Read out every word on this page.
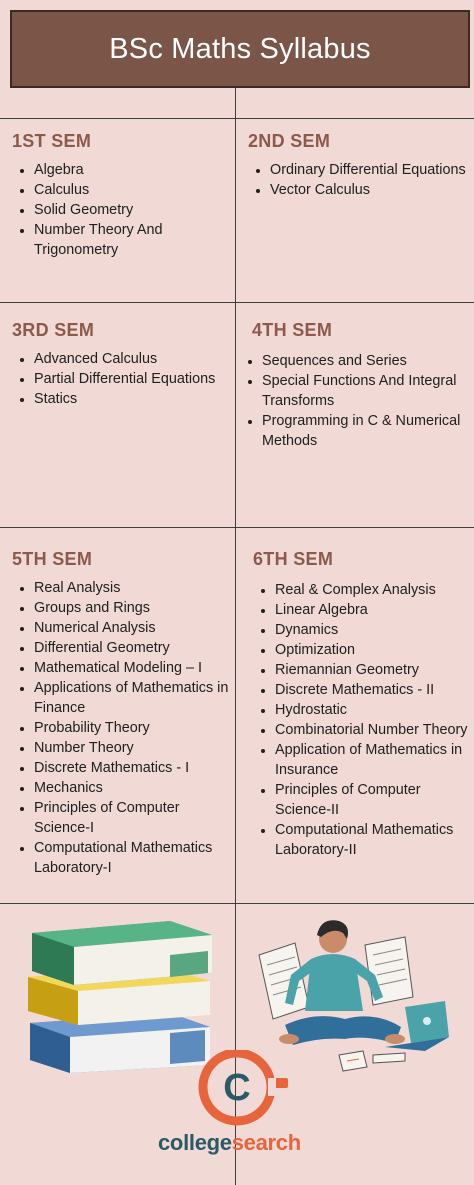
BSc Maths Syllabus
1ST SEM
• Algebra
• Calculus
• Solid Geometry
• Number Theory And Trigonometry
2ND SEM
• Ordinary Differential Equations
• Vector Calculus
3RD SEM
• Advanced Calculus
• Partial Differential Equations
• Statics
4TH SEM
• Sequences and Series
• Special Functions And Integral Transforms
• Programming in C & Numerical Methods
5TH SEM
• Real Analysis
• Groups and Rings
• Numerical Analysis
• Differential Geometry
• Mathematical Modeling – I
• Applications of Mathematics in Finance
• Probability Theory
• Number Theory
• Discrete Mathematics - I
• Mechanics
• Principles of Computer Science-I
• Computational Mathematics Laboratory-I
6TH SEM
• Real & Complex Analysis
• Linear Algebra
• Dynamics
• Optimization
• Riemannian Geometry
• Discrete Mathematics - II
• Hydrostatic
• Combinatorial Number Theory
• Application of Mathematics in Insurance
• Principles of Computer Science-II
• Computational Mathematics Laboratory-II
C
collegesearch
